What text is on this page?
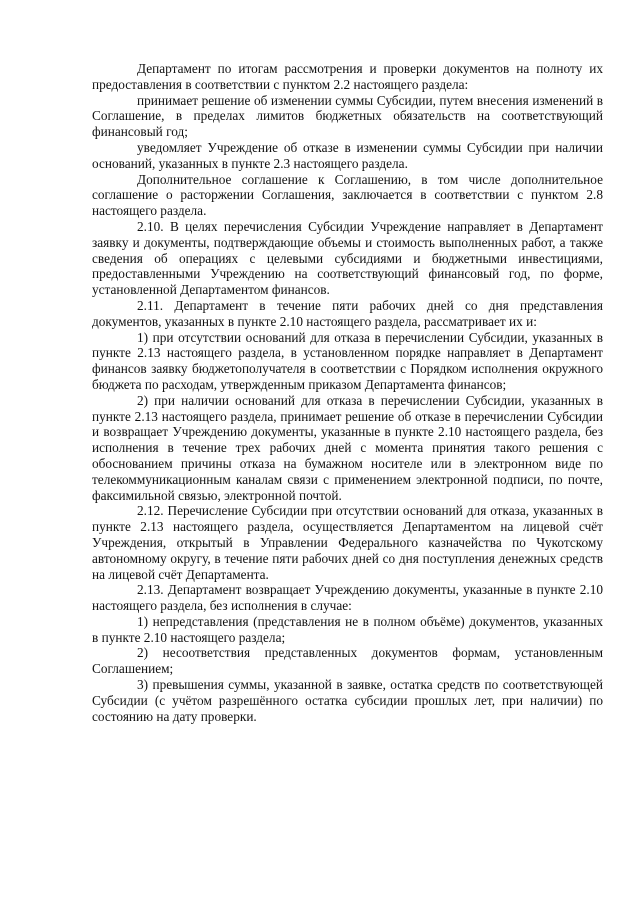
Департамент по итогам рассмотрения и проверки документов на полноту их предоставления в соответствии с пунктом 2.2 настоящего раздела:

принимает решение об изменении суммы Субсидии, путем внесения изменений в Соглашение, в пределах лимитов бюджетных обязательств на соответствующий финансовый год;

уведомляет Учреждение об отказе в изменении суммы Субсидии при наличии оснований, указанных в пункте 2.3 настоящего раздела.

Дополнительное соглашение к Соглашению, в том числе дополнительное соглашение о расторжении Соглашения, заключается в соответствии с пунктом 2.8 настоящего раздела.

2.10. В целях перечисления Субсидии Учреждение направляет в Департамент заявку и документы, подтверждающие объемы и стоимость выполненных работ, а также сведения об операциях с целевыми субсидиями и бюджетными инвестициями, предоставленными Учреждению на соответствующий финансовый год, по форме, установленной Департаментом финансов.

2.11. Департамент в течение пяти рабочих дней со дня представления документов, указанных в пункте 2.10 настоящего раздела, рассматривает их и:

1) при отсутствии оснований для отказа в перечислении Субсидии, указанных в пункте 2.13 настоящего раздела, в установленном порядке направляет в Департамент финансов заявку бюджетополучателя в соответствии с Порядком исполнения окружного бюджета по расходам, утвержденным приказом Департамента финансов;

2) при наличии оснований для отказа в перечислении Субсидии, указанных в пункте 2.13 настоящего раздела, принимает решение об отказе в перечислении Субсидии и возвращает Учреждению документы, указанные в пункте 2.10 настоящего раздела, без исполнения в течение трех рабочих дней с момента принятия такого решения с обоснованием причины отказа на бумажном носителе или в электронном виде по телекоммуникационным каналам связи с применением электронной подписи, по почте, факсимильной связью, электронной почтой.

2.12. Перечисление Субсидии при отсутствии оснований для отказа, указанных в пункте 2.13 настоящего раздела, осуществляется Департаментом на лицевой счёт Учреждения, открытый в Управлении Федерального казначейства по Чукотскому автономному округу, в течение пяти рабочих дней со дня поступления денежных средств на лицевой счёт Департамента.

2.13. Департамент возвращает Учреждению документы, указанные в пункте 2.10 настоящего раздела, без исполнения в случае:

1) непредставления (представления не в полном объёме) документов, указанных в пункте 2.10 настоящего раздела;

2) несоответствия представленных документов формам, установленным Соглашением;

3) превышения суммы, указанной в заявке, остатка средств по соответствующей Субсидии (с учётом разрешённого остатка субсидии прошлых лет, при наличии) по состоянию на дату проверки.
